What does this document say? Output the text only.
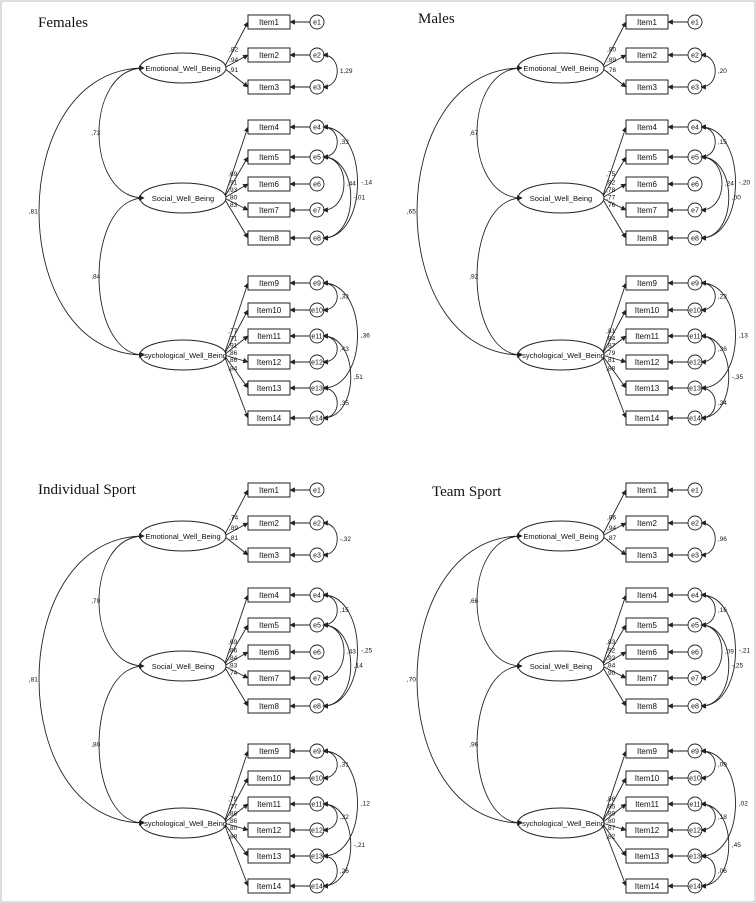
Females
,82
,94
,91
,69
,91
,93
,80
,83
,77
,71
,91
,86
,86
,84
Item1	e1
Item2	e2
Item3	e3
Item4	e4
Item5	e5
Item6	e6
Item7	e7
Item8	e8
Item9	e9
Item10	e10
Item11	e11
Item12	e12
Item13	e13
Item14	e14
Emotional_Well_Being
Social_Well_Being
Psychological_Well_Being
,73
,84
,81
1,29
,33
,44 -,14
-,01
,33
,36
,43
,51
,35
Males
,80
,89
,76
,75
,82
,78
,77
,76
,81
,84
,87
,79
,81
,88
Item1	e1
Item2	e2
Item3	e3
Item4	e4
Item5	e5
Item6	e6
Item7	e7
Item8	e8
Item9	e9
Item10	e10
Item11	e11
Item12	e12
Item13	e13
Item14	e14
Emotional_Well_Being
Social_Well_Being
Psychological_Well_Being
,67
,92
,65
,20
,15
,24 -,20
,00
,23
,13
,36
-,35
,24
Individual Sport
,74
,89
,81
,69
,86
,84
,83
,74
,79
,77
,88
,86
,80
,88
Item1	e1
Item2	e2
Item3	e3
Item4	e4
Item5	e5
Item6	e6
Item7	e7
Item8	e8
Item9	e9
Item10	e10
Item11	e11
Item12	e12
Item13	e13
Item14	e14
Emotional_Well_Being
Social_Well_Being
Psychological_Well_Being
,79
,80
,81
-,32
,15
,43 -,25
,14
,31
,12
,32
-,21
,26
Team Sport
,86
,94
,87
,83
,92
,92
,84
,90
,86
,85
,89
,80
,87
,82
Item1	e1
Item2	e2
Item3	e3
Item4	e4
Item5	e5
Item6	e6
Item7	e7
Item8	e8
Item9	e9
Item10	e10
Item11	e11
Item12	e12
Item13	e13
Item14	e14
Emotional_Well_Being
Social_Well_Being
Psychological_Well_Being
,66
,96
,70
,96
,16
,09 -,21
-,25
,09
,02
,18
,45
,06
